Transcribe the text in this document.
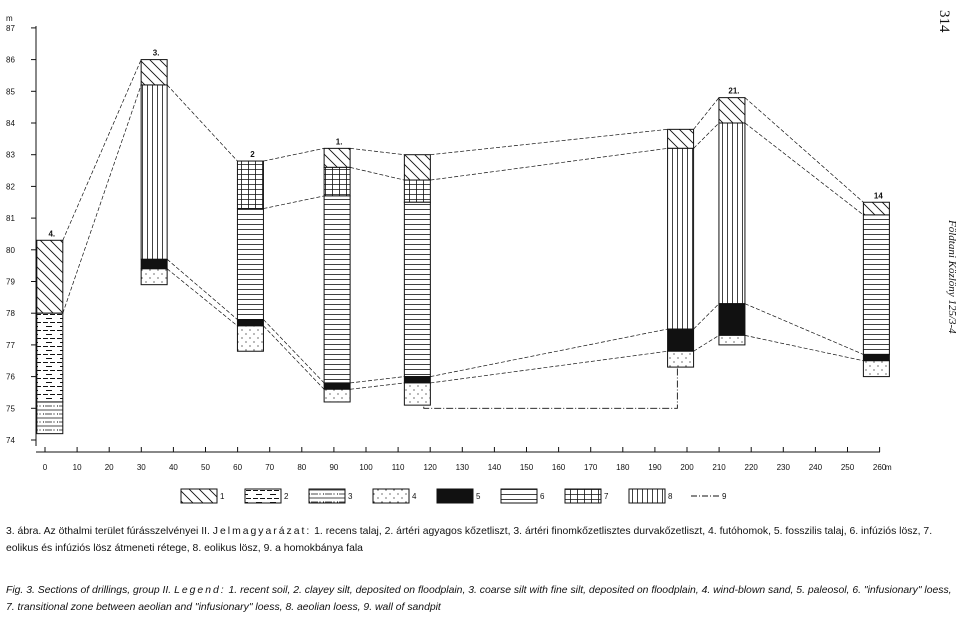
m
m
74
75
76
77
78
79
80
81
82
83
84
85
86
87
0	10	20	30	40	50	60	70	80	90	100 110 120 130 140 150 160 170 180 190 200 210 220 230 240 250 260
4.
3.
2
1.
21.
14
1	2	3	4	5	6	7	8	9
314
Földtani Közlöny 125/3-4
3. ábra. Az öthalmi terület fúrásszelvényei II. Jelmagyarázat: 1. recens talaj, 2. ártéri agyagos kőzetliszt, 3. ártéri finomkőzetlisztes durvakőzetliszt, 4. futóhomok, 5. fosszilis talaj, 6. infúziós lösz, 7. eolikus és infúziós lösz átmeneti rétege, 8. eolikus lösz, 9. a homokbánya fala
Fig. 3. Sections of drillings, group II. Legend: 1. recent soil, 2. clayey silt, deposited on floodplain, 3. coarse silt with fine silt, deposited on floodplain, 4. wind-blown sand, 5. paleosol, 6. "infusionary" loess, 7. transitional zone between aeolian and "infusionary" loess, 8. aeolian loess, 9. wall of sandpit
